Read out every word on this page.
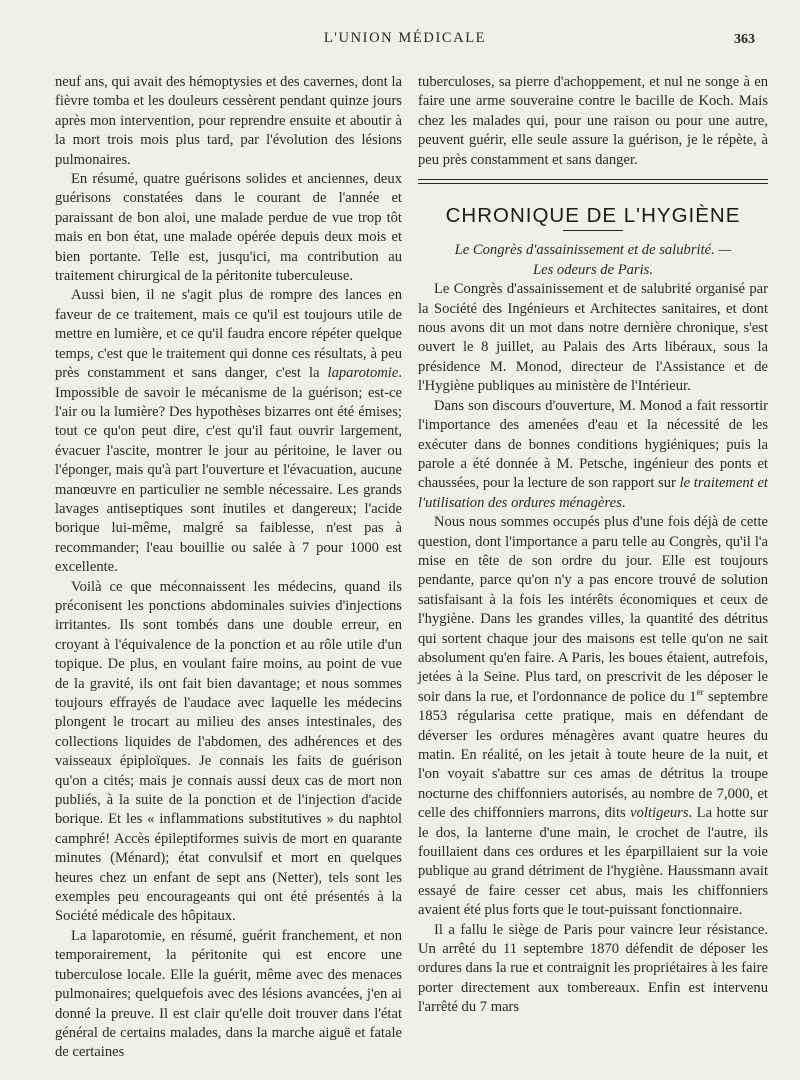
L'UNION MÉDICALE	363

neuf ans, qui avait des hémoptysies et des cavernes, dont la fièvre tomba et les douleurs cessèrent pendant quinze jours après mon intervention, pour reprendre ensuite et aboutir à la mort trois mois plus tard, par l'évolution des lésions pulmonaires.

En résumé, quatre guérisons solides et anciennes, deux guérisons constatées dans le courant de l'année et paraissant de bon aloi, une malade perdue de vue trop tôt mais en bon état, une malade opérée depuis deux mois et bien portante. Telle est, jusqu'ici, ma contribution au traitement chirurgical de la péritonite tuberculeuse.

Aussi bien, il ne s'agit plus de rompre des lances en faveur de ce traitement, mais ce qu'il est toujours utile de mettre en lumière, et ce qu'il faudra encore répéter quelque temps, c'est que le traitement qui donne ces résultats, à peu près constamment et sans danger, c'est la laparotomie. Impossible de savoir le mécanisme de la guérison; est-ce l'air ou la lumière? Des hypothèses bizarres ont été émises; tout ce qu'on peut dire, c'est qu'il faut ouvrir largement, évacuer l'ascite, montrer le jour au péritoine, le laver ou l'éponger, mais qu'à part l'ouverture et l'évacuation, aucune manœuvre en particulier ne semble nécessaire. Les grands lavages antiseptiques sont inutiles et dangereux; l'acide borique lui-même, malgré sa faiblesse, n'est pas à recommander; l'eau bouillie ou salée à 7 pour 1000 est excellente.

Voilà ce que méconnaissent les médecins, quand ils préconisent les ponctions abdominales suivies d'injections irritantes. Ils sont tombés dans une double erreur, en croyant à l'équivalence de la ponction et au rôle utile d'un topique. De plus, en voulant faire moins, au point de vue de la gravité, ils ont fait bien davantage; et nous sommes toujours effrayés de l'audace avec laquelle les médecins plongent le trocart au milieu des anses intestinales, des collections liquides de l'abdomen, des adhérences et des vaisseaux épiploïques. Je connais les faits de guérison qu'on a cités; mais je connais aussi deux cas de mort non publiés, à la suite de la ponction et de l'injection d'acide borique. Et les « inflammations substitutives » du naphtol camphré! Accès épileptiformes suivis de mort en quarante minutes (Ménard); état convulsif et mort en quelques heures chez un enfant de sept ans (Netter), tels sont les exemples peu encourageants qui ont été présentés à la Société médicale des hôpitaux.

La laparotomie, en résumé, guérit franchement, et non temporairement, la péritonite qui est encore une tuberculose locale. Elle la guérit, même avec des menaces pulmonaires; quelquefois avec des lésions avancées, j'en ai donné la preuve. Il est clair qu'elle doit trouver dans l'état général de certains malades, dans la marche aiguë et fatale de certaines

tuberculoses, sa pierre d'achoppement, et nul ne songe à en faire une arme souveraine contre le bacille de Koch. Mais chez les malades qui, pour une raison ou pour une autre, peuvent guérir, elle seule assure la guérison, je le répète, à peu près constamment et sans danger.

CHRONIQUE DE L'HYGIÈNE

Le Congrès d'assainissement et de salubrité. —

Les odeurs de Paris.

Le Congrès d'assainissement et de salubrité organisé par la Société des Ingénieurs et Architectes sanitaires, et dont nous avons dit un mot dans notre dernière chronique, s'est ouvert le 8 juillet, au Palais des Arts libéraux, sous la présidence M. Monod, directeur de l'Assistance et de l'Hygiène publiques au ministère de l'Intérieur.

Dans son discours d'ouverture, M. Monod a fait ressortir l'importance des amenées d'eau et la nécessité de les exécuter dans de bonnes conditions hygiéniques; puis la parole a été donnée à M. Petsche, ingénieur des ponts et chaussées, pour la lecture de son rapport sur le traitement et l'utilisation des ordures ménagères.

Nous nous sommes occupés plus d'une fois déjà de cette question, dont l'importance a paru telle au Congrès, qu'il l'a mise en tête de son ordre du jour. Elle est toujours pendante, parce qu'on n'y a pas encore trouvé de solution satisfaisant à la fois les intérêts économiques et ceux de l'hygiène. Dans les grandes villes, la quantité des détritus qui sortent chaque jour des maisons est telle qu'on ne sait absolument qu'en faire. A Paris, les boues étaient, autrefois, jetées à la Seine. Plus tard, on prescrivit de les déposer le soir dans la rue, et l'ordonnance de police du 1er septembre 1853 régularisa cette pratique, mais en défendant de déverser les ordures ménagères avant quatre heures du matin. En réalité, on les jetait à toute heure de la nuit, et l'on voyait s'abattre sur ces amas de détritus la troupe nocturne des chiffonniers autorisés, au nombre de 7,000, et celle des chiffonniers marrons, dits voltigeurs. La hotte sur le dos, la lanterne d'une main, le crochet de l'autre, ils fouillaient dans ces ordures et les éparpillaient sur la voie publique au grand détriment de l'hygiène. Haussmann avait essayé de faire cesser cet abus, mais les chiffonniers avaient été plus forts que le tout-puissant fonctionnaire.

Il a fallu le siège de Paris pour vaincre leur résistance. Un arrêté du 11 septembre 1870 défendit de déposer les ordures dans la rue et contraignit les propriétaires à les faire porter directement aux tombereaux. Enfin est intervenu l'arrêté du 7 mars
